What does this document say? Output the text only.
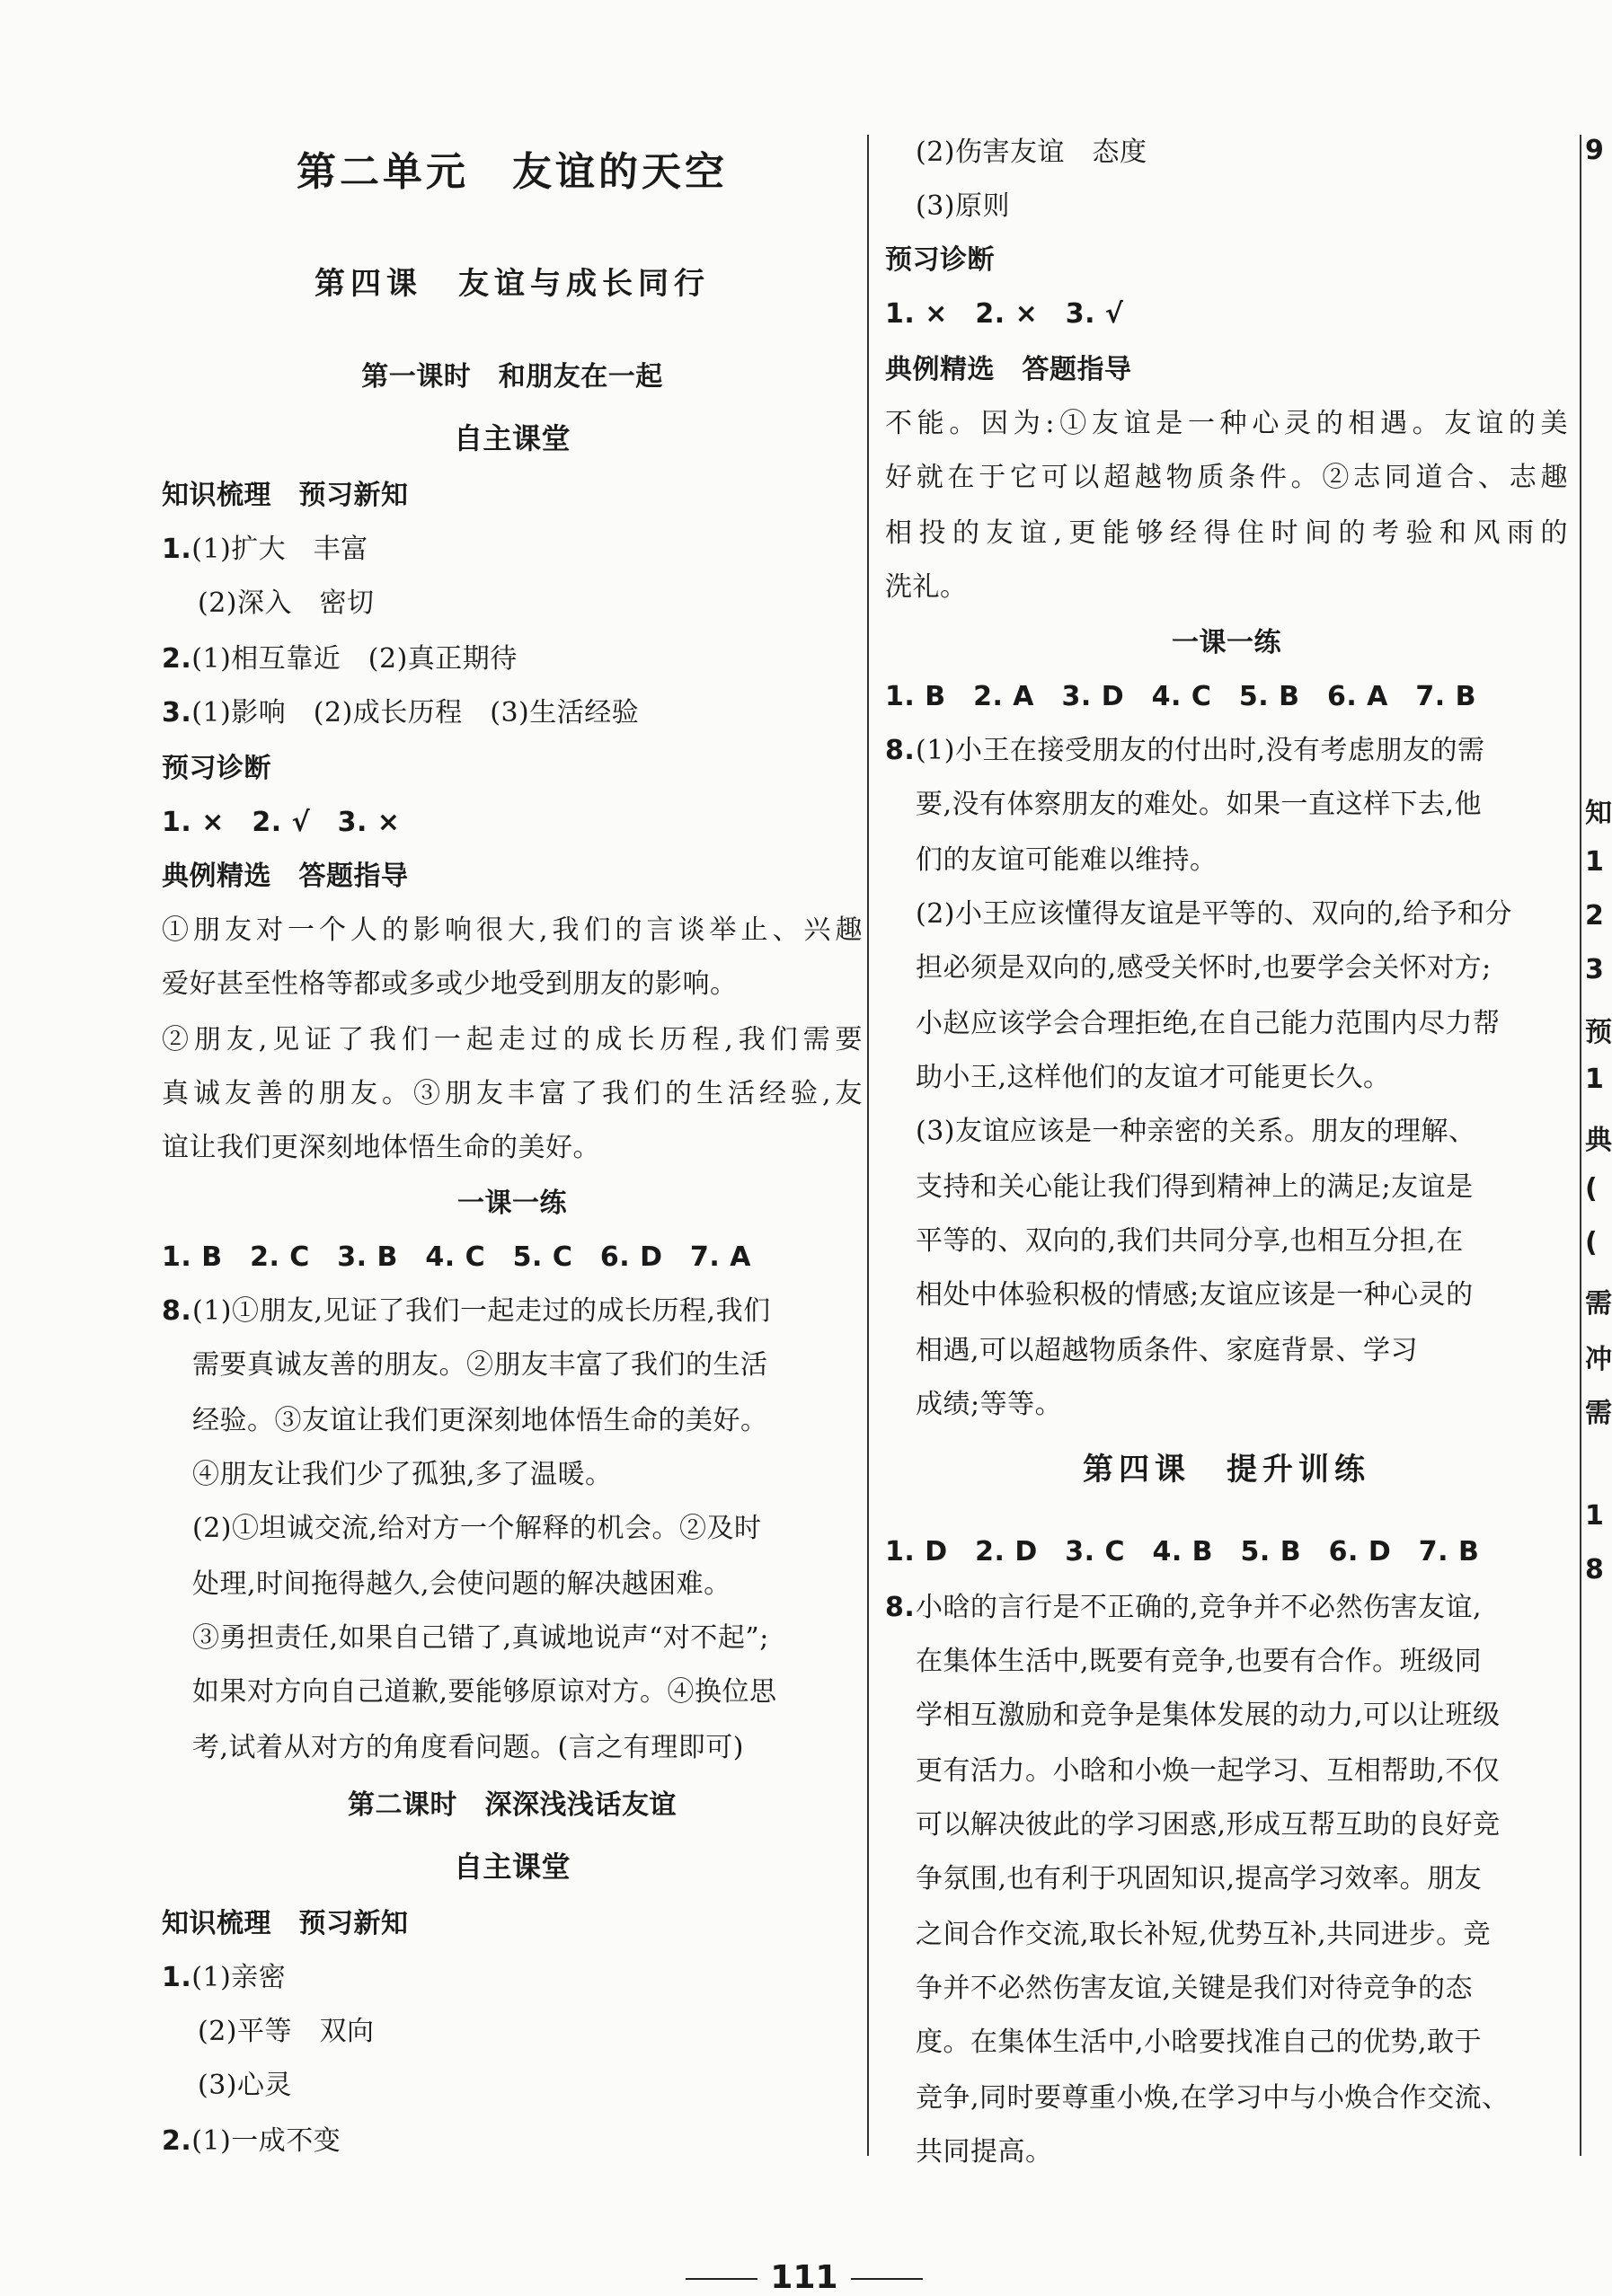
第二单元　友谊的天空
第四课　友谊与成长同行
第一课时　和朋友在一起
自主课堂
知识梳理　预习新知
1.(1)扩大　丰富
(2)深入　密切
2.(1)相互靠近　(2)真正期待
3.(1)影响　(2)成长历程　(3)生活经验
预习诊断
1. ×　2. √　3. ×
典例精选　答题指导
①朋友对一个人的影响很大,我们的言谈举止、兴趣
爱好甚至性格等都或多或少地受到朋友的影响。
②朋友,见证了我们一起走过的成长历程,我们需要
真诚友善的朋友。③朋友丰富了我们的生活经验,友
谊让我们更深刻地体悟生命的美好。
一课一练
1. B　2. C　3. B　4. C　5. C　6. D　7. A
8. (1)①朋友,见证了我们一起走过的成长历程,我们
需要真诚友善的朋友。②朋友丰富了我们的生活
经验。③友谊让我们更深刻地体悟生命的美好。
④朋友让我们少了孤独,多了温暖。
(2)①坦诚交流,给对方一个解释的机会。②及时
处理,时间拖得越久,会使问题的解决越困难。
③勇担责任,如果自己错了,真诚地说声“对不起”;
如果对方向自己道歉,要能够原谅对方。④换位思
考,试着从对方的角度看问题。(言之有理即可)
第二课时　深深浅浅话友谊
自主课堂
知识梳理　预习新知
1.(1)亲密
(2)平等　双向
(3)心灵
2.(1)一成不变
(2)伤害友谊　态度
(3)原则
预习诊断
1. ×　2. ×　3. √
典例精选　答题指导
不能。因为:①友谊是一种心灵的相遇。友谊的美
好就在于它可以超越物质条件。②志同道合、志趣
相投的友谊,更能够经得住时间的考验和风雨的
洗礼。
一课一练
1. B　2. A　3. D　4. C　5. B　6. A　7. B
8. (1)小王在接受朋友的付出时,没有考虑朋友的需
要,没有体察朋友的难处。如果一直这样下去,他
们的友谊可能难以维持。
(2)小王应该懂得友谊是平等的、双向的,给予和分
担必须是双向的,感受关怀时,也要学会关怀对方;
小赵应该学会合理拒绝,在自己能力范围内尽力帮
助小王,这样他们的友谊才可能更长久。
(3)友谊应该是一种亲密的关系。朋友的理解、
支持和关心能让我们得到精神上的满足;友谊是
平等的、双向的,我们共同分享,也相互分担,在
相处中体验积极的情感;友谊应该是一种心灵的
相遇,可以超越物质条件、家庭背景、学习
成绩;等等。
第四课　提升训练
1. D　2. D　3. C　4. B　5. B　6. D　7. B
8. 小晗的言行是不正确的,竞争并不必然伤害友谊,
在集体生活中,既要有竞争,也要有合作。班级同
学相互激励和竞争是集体发展的动力,可以让班级
更有活力。小晗和小焕一起学习、互相帮助,不仅
可以解决彼此的学习困惑,形成互帮互助的良好竞
争氛围,也有利于巩固知识,提高学习效率。朋友
之间合作交流,取长补短,优势互补,共同进步。竞
争并不必然伤害友谊,关键是我们对待竞争的态
度。在集体生活中,小晗要找准自己的优势,敢于
竞争,同时要尊重小焕,在学习中与小焕合作交流、
共同提高。
9
知
1
2
3
预
1
典
(
(
需
冲
需
1
8
111
